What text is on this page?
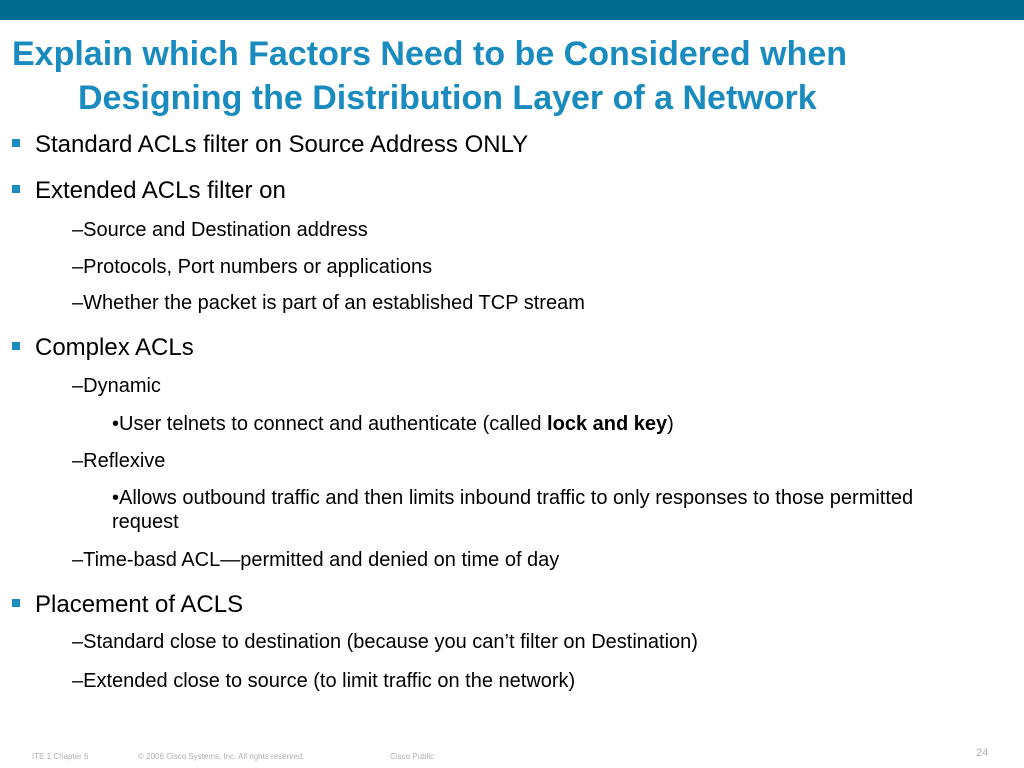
Explain which Factors Need to be Considered when
Designing the Distribution Layer of a Network
Standard ACLs filter on Source Address ONLY
Extended ACLs filter on
–Source and Destination address
–Protocols, Port numbers or applications
–Whether the packet is part of an established TCP stream
Complex ACLs
–Dynamic
•User telnets to connect and authenticate (called lock and key)
–Reflexive
•Allows outbound traffic and then limits inbound traffic to only responses to those permitted request
–Time-basd ACL—permitted and denied on time of day
Placement of ACLS
–Standard close to destination (because you can’t filter on Destination)
–Extended close to source (to limit traffic on the network)
ITE 1 Chapter 6	© 2006 Cisco Systems, Inc. All rights reserved.	Cisco Public	24
